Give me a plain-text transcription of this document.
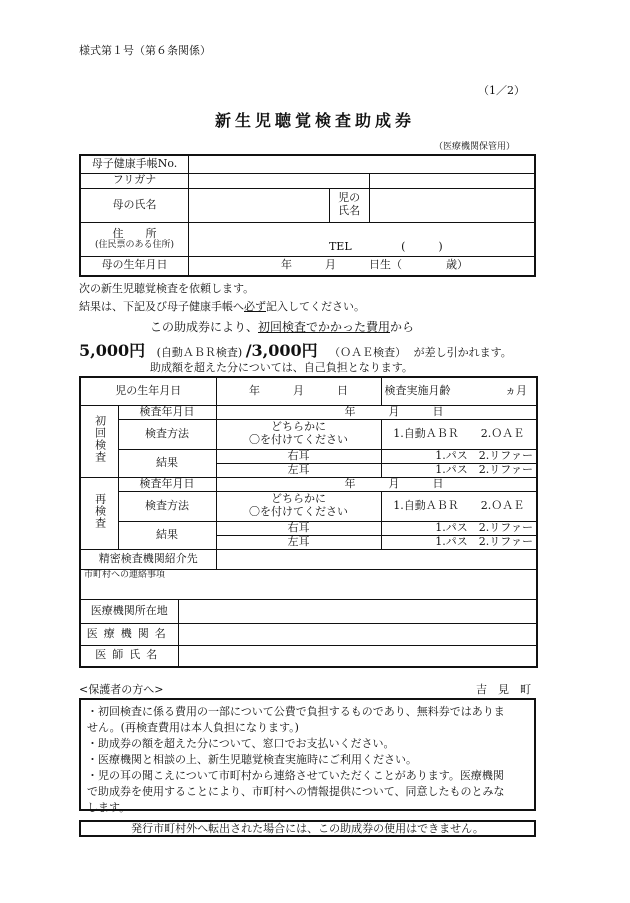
様式第１号（第６条関係）
（1／2）
新生児聴覚検査助成券
（医療機関保管用）
母子健康手帳No.			
フリガナ			
母の氏名		児の
氏名	

住　　所
(住民票のある住所)	TEL (　　　)		
母の生年月日	年　　　月　　　日生（　　　　歳）		
次の新生児聴覚検査を依頼します。
結果は、下記及び母子健康手帳へ必ず記入してください。
この助成券により、初回検査でかかった費用から
5,000円 (自動ＡＢＲ検査) /3,000円 （ＯＡＥ検査） が差し引かれます。
助成額を超えた分については、自己負担となります。
児の生年月日			年　　　月　　　日	検査実施月齢 ヵ月

初回検査	検査年月日		年　　　月　　　日	
	検査方法		どちらかに
〇を付けてください	1.自動ＡＢＲ　　2.ＯＡＥ
	結果		右耳	1.パス　2.リファー
			左耳	1.パス　2.リファー

再検査	検査年月日		年　　　月　　　日	
	検査方法		どちらかに
〇を付けてください	1.自動ＡＢＲ　　2.ＯＡＥ
	結果		右耳	1.パス　2.リファー
			左耳	1.パス　2.リファー
精密検査機関紹介先				
市町村への連絡事項				
医療機関所在地				
医療機関名				
医師氏名				
<保護者の方へ>	吉　見　町
・初回検査に係る費用の一部について公費で負担するものであり、無料券ではありま
せん。(再検査費用は本人負担になります。)
・助成券の額を超えた分について、窓口でお支払いください。
・医療機関と相談の上、新生児聴覚検査実施時にご利用ください。
・児の耳の聞こえについて市町村から連絡させていただくことがあります。医療機関
で助成券を使用することにより、市町村への情報提供について、同意したものとみな
します。
発行市町村外へ転出された場合には、この助成券の使用はできません。
